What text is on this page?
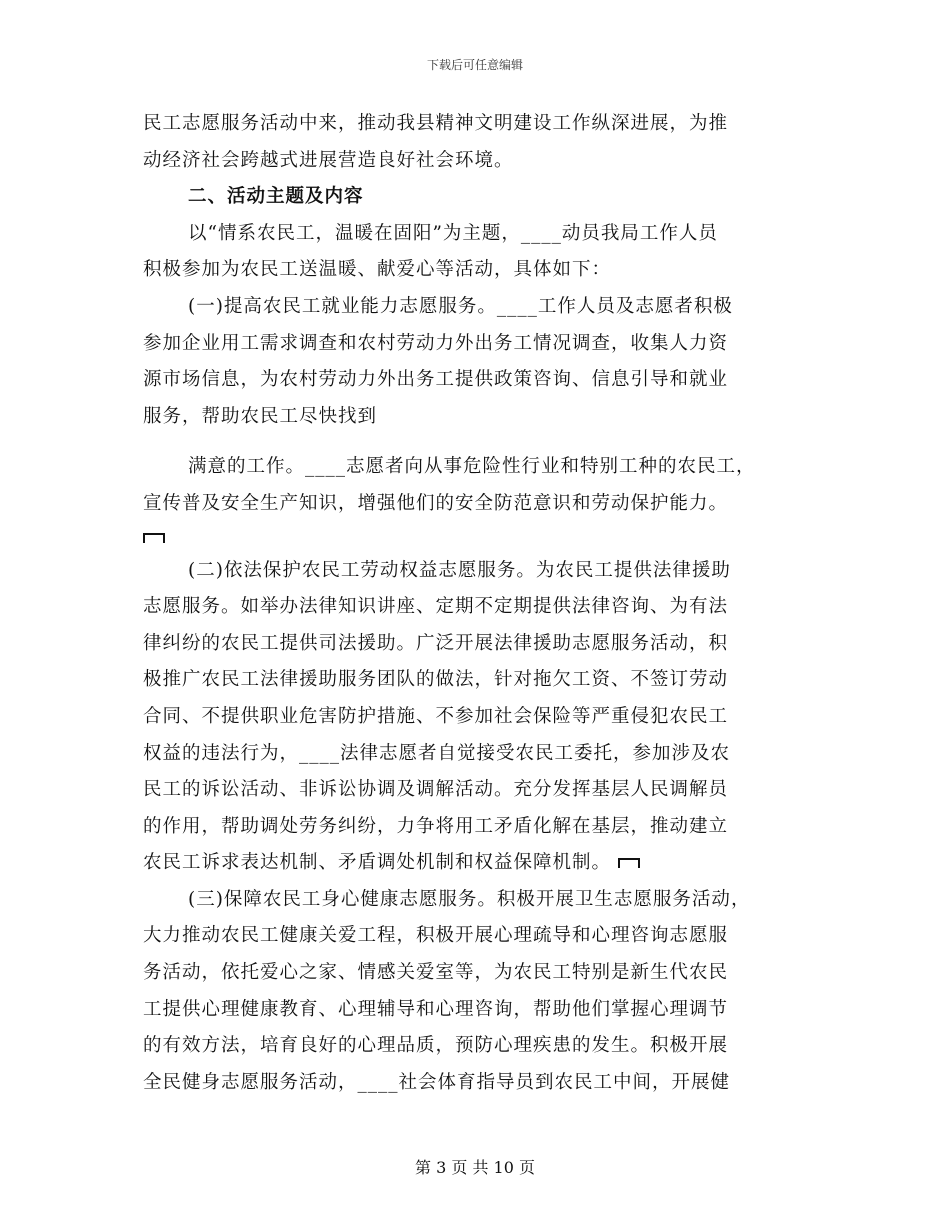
下载后可任意编辑
民工志愿服务活动中来，推动我县精神文明建设工作纵深进展，为推
动经济社会跨越式进展营造良好社会环境。
二、活动主题及内容
以“情系农民工，温暖在固阳”为主题，____动员我局工作人员
积极参加为农民工送温暖、献爱心等活动，具体如下：
(一)提高农民工就业能力志愿服务。____工作人员及志愿者积极
参加企业用工需求调查和农村劳动力外出务工情况调查，收集人力资
源市场信息，为农村劳动力外出务工提供政策咨询、信息引导和就业
服务，帮助农民工尽快找到
满意的工作。____志愿者向从事危险性行业和特别工种的农民工，
宣传普及安全生产知识，增强他们的安全防范意识和劳动保护能力。
(二)依法保护农民工劳动权益志愿服务。为农民工提供法律援助
志愿服务。如举办法律知识讲座、定期不定期提供法律咨询、为有法
律纠纷的农民工提供司法援助。广泛开展法律援助志愿服务活动，积
极推广农民工法律援助服务团队的做法，针对拖欠工资、不签订劳动
合同、不提供职业危害防护措施、不参加社会保险等严重侵犯农民工
权益的违法行为，____法律志愿者自觉接受农民工委托，参加涉及农
民工的诉讼活动、非诉讼协调及调解活动。充分发挥基层人民调解员
的作用，帮助调处劳务纠纷，力争将用工矛盾化解在基层，推动建立
农民工诉求表达机制、矛盾调处机制和权益保障机制。
(三)保障农民工身心健康志愿服务。积极开展卫生志愿服务活动，
大力推动农民工健康关爱工程，积极开展心理疏导和心理咨询志愿服
务活动，依托爱心之家、情感关爱室等，为农民工特别是新生代农民
工提供心理健康教育、心理辅导和心理咨询，帮助他们掌握心理调节
的有效方法，培育良好的心理品质，预防心理疾患的发生。积极开展
全民健身志愿服务活动，____社会体育指导员到农民工中间，开展健
第 3 页 共 10 页
